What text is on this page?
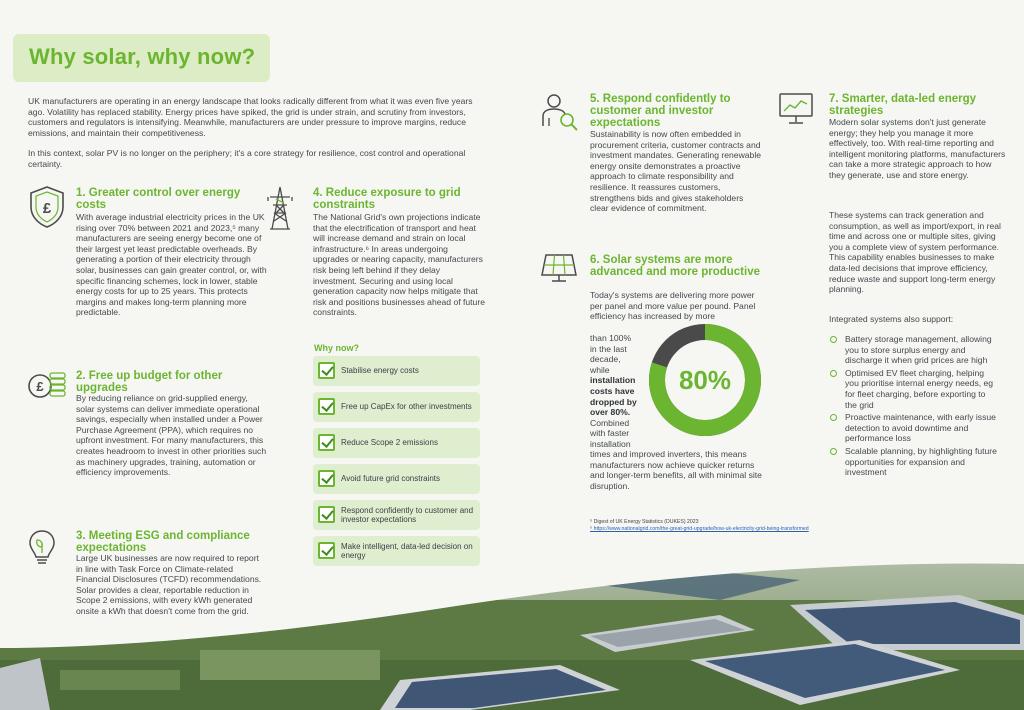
Why solar, why now?

UK manufacturers are operating in an energy landscape that looks radically different from what it was even five years ago. Volatility has replaced stability. Energy prices have spiked, the grid is under strain, and scrutiny from investors, customers and regulators is intensifying. Meanwhile, manufacturers are under pressure to improve margins, reduce emissions, and maintain their competitiveness.

In this context, solar PV is no longer on the periphery; it's a core strategy for resilience, cost control and operational certainty.

£
1. Greater control over energy costs
With average industrial electricity prices in the UK rising over 70% between 2021 and 2023,⁵ many manufacturers are seeing energy become one of their largest yet least predictable overheads. By generating a portion of their electricity through solar, businesses can gain greater control, or, with specific financing schemes, lock in lower, stable energy costs for up to 25 years. This protects margins and makes long-term planning more predictable.
£
2. Free up budget for other upgrades
By reducing reliance on grid-supplied energy, solar systems can deliver immediate operational savings, especially when installed under a Power Purchase Agreement (PPA), which requires no upfront investment. For many manufacturers, this creates headroom to invest in other priorities such as machinery upgrades, training, automation or efficiency improvements.
3. Meeting ESG and compliance expectations
Large UK businesses are now required to report in line with Task Force on Climate-related Financial Disclosures (TCFD) recommendations. Solar provides a clear, reportable reduction in Scope 2 emissions, with every kWh generated onsite a kWh that doesn't come from the grid.
4. Reduce exposure to grid constraints
The National Grid's own projections indicate that the electrification of transport and heat will increase demand and strain on local infrastructure.⁶ In areas undergoing upgrades or nearing capacity, manufacturers risk being left behind if they delay investment. Securing and using local generation capacity now helps mitigate that risk and positions businesses ahead of future constraints.
Why now?
Stabilise energy costs
Free up CapEx for other investments
Reduce Scope 2 emissions
Avoid future grid constraints
Respond confidently to customer and investor expectations
Make intelligent, data-led decision on energy
5. Respond confidently to customer and investor expectations
Sustainability is now often embedded in procurement criteria, customer contracts and investment mandates. Generating renewable energy onsite demonstrates a proactive approach to climate responsibility and resilience. It reassures customers, strengthens bids and gives stakeholders clear evidence of commitment.
6. Solar systems are more advanced and more productive
Today's systems are delivering more power per panel and more value per pound. Panel efficiency has increased by more
than 100%
in the last
decade,
while
installation
costs have
dropped by
over 80%.
Combined
with faster
installation
80%
times and improved inverters, this means manufacturers now achieve quicker returns and longer-term benefits, all with minimal site disruption.
7. Smarter, data-led energy strategies
Modern solar systems don't just generate energy; they help you manage it more effectively, too. With real-time reporting and intelligent monitoring platforms, manufacturers can take a more strategic approach to how they generate, use and store energy.
These systems can track generation and consumption, as well as import/export, in real time and across one or multiple sites, giving you a complete view of system performance. This capability enables businesses to make data-led decisions that improve efficiency, reduce waste and support long-term energy planning.
Integrated systems also support:
Battery storage management, allowing you to store surplus energy and discharge it when grid prices are high
Optimised EV fleet charging, helping you prioritise internal energy needs, eg for fleet charging, before exporting to the grid
Proactive maintenance, with early issue detection to avoid downtime and performance loss
Scalable planning, by highlighting future opportunities for expansion and investment
⁵ Digest of UK Energy Statistics (DUKES) 2023
⁶ https://www.nationalgrid.com/the-great-grid-upgrade/how-uk-electricity-grid-being-transformed
